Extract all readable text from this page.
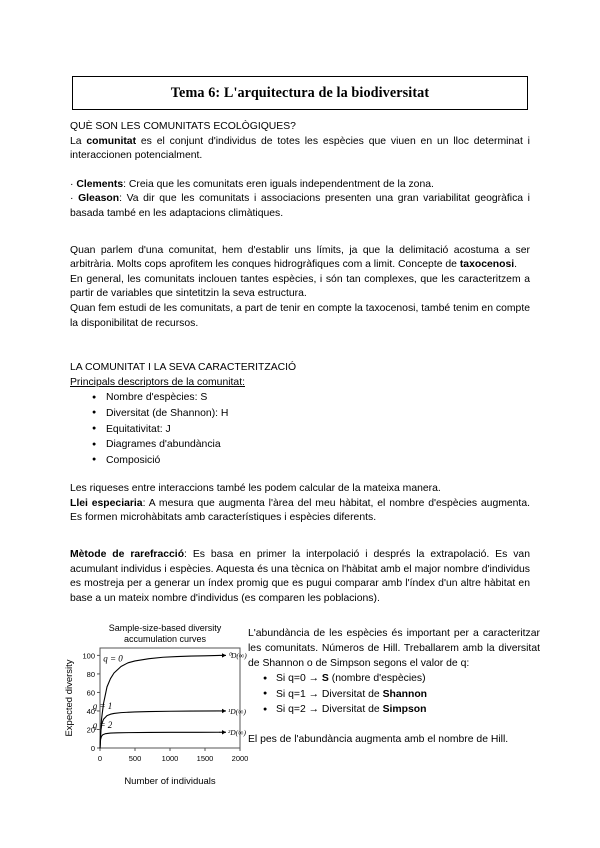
Tema 6: L'arquitectura de la biodiversitat

QUÈ SON LES COMUNITATS ECOLÒGIQUES?

La comunitat es el conjunt d'individus de totes les espècies que viuen en un lloc determinat i interaccionen potencialment.

· Clements: Creia que les comunitats eren iguals independentment de la zona.

· Gleason: Va dir que les comunitats i associacions presenten una gran variabilitat geogràfica i basada també en les adaptacions climàtiques.

Quan parlem d'una comunitat, hem d'establir uns límits, ja que la delimitació acostuma a ser arbitrària. Molts cops aprofitem les conques hidrogràfiques com a limit. Concepte de taxocenosi.

En general, les comunitats inclouen tantes espècies, i són tan complexes, que les caracteritzem a partir de variables que sintetitzin la seva estructura.

Quan fem estudi de les comunitats, a part de tenir en compte la taxocenosi, també tenim en compte la disponibilitat de recursos.

LA COMUNITAT I LA SEVA CARACTERITZACIÓ

Principals descriptors de la comunitat:

● Nombre d'espècies: S
● Diversitat (de Shannon): H
● Equitativitat: J
● Diagrames d'abundància
● Composició

Les riqueses entre interaccions també les podem calcular de la mateixa manera.

Llei especiaria: A mesura que augmenta l'àrea del meu hàbitat, el nombre d'espècies augmenta. Es formen microhàbitats amb característiques i espècies diferents.

Mètode de rarefracció: Es basa en primer la interpolació i després la extrapolació. Es van acumulant individus i espècies. Aquesta és una tècnica on l'hàbitat amb el major nombre d'individus es mostreja per a generar un índex promig que es pugui comparar amb l'índex d'un altre hàbitat en base a un mateix nombre d'individus (es comparen les poblacions).

Sample-size-based diversity
accumulation curves
Expected diversity
Number of individuals
0
20
40
60
80
100
0	500	1000 1500 2000
⁰D(∞)
q = 0
¹D(∞)
q = 1
²D(∞)
q = 2

L'abundància de les espècies és important per a caracteritzar les comunitats. Números de Hill. Treballarem amb la diversitat de Shannon o de Simpson segons el valor de q:

● Si q=0 → S (nombre d'espècies)
● Si q=1 → Diversitat de Shannon
● Si q=2 → Diversitat de Simpson

El pes de l'abundància augmenta amb el nombre de Hill.
